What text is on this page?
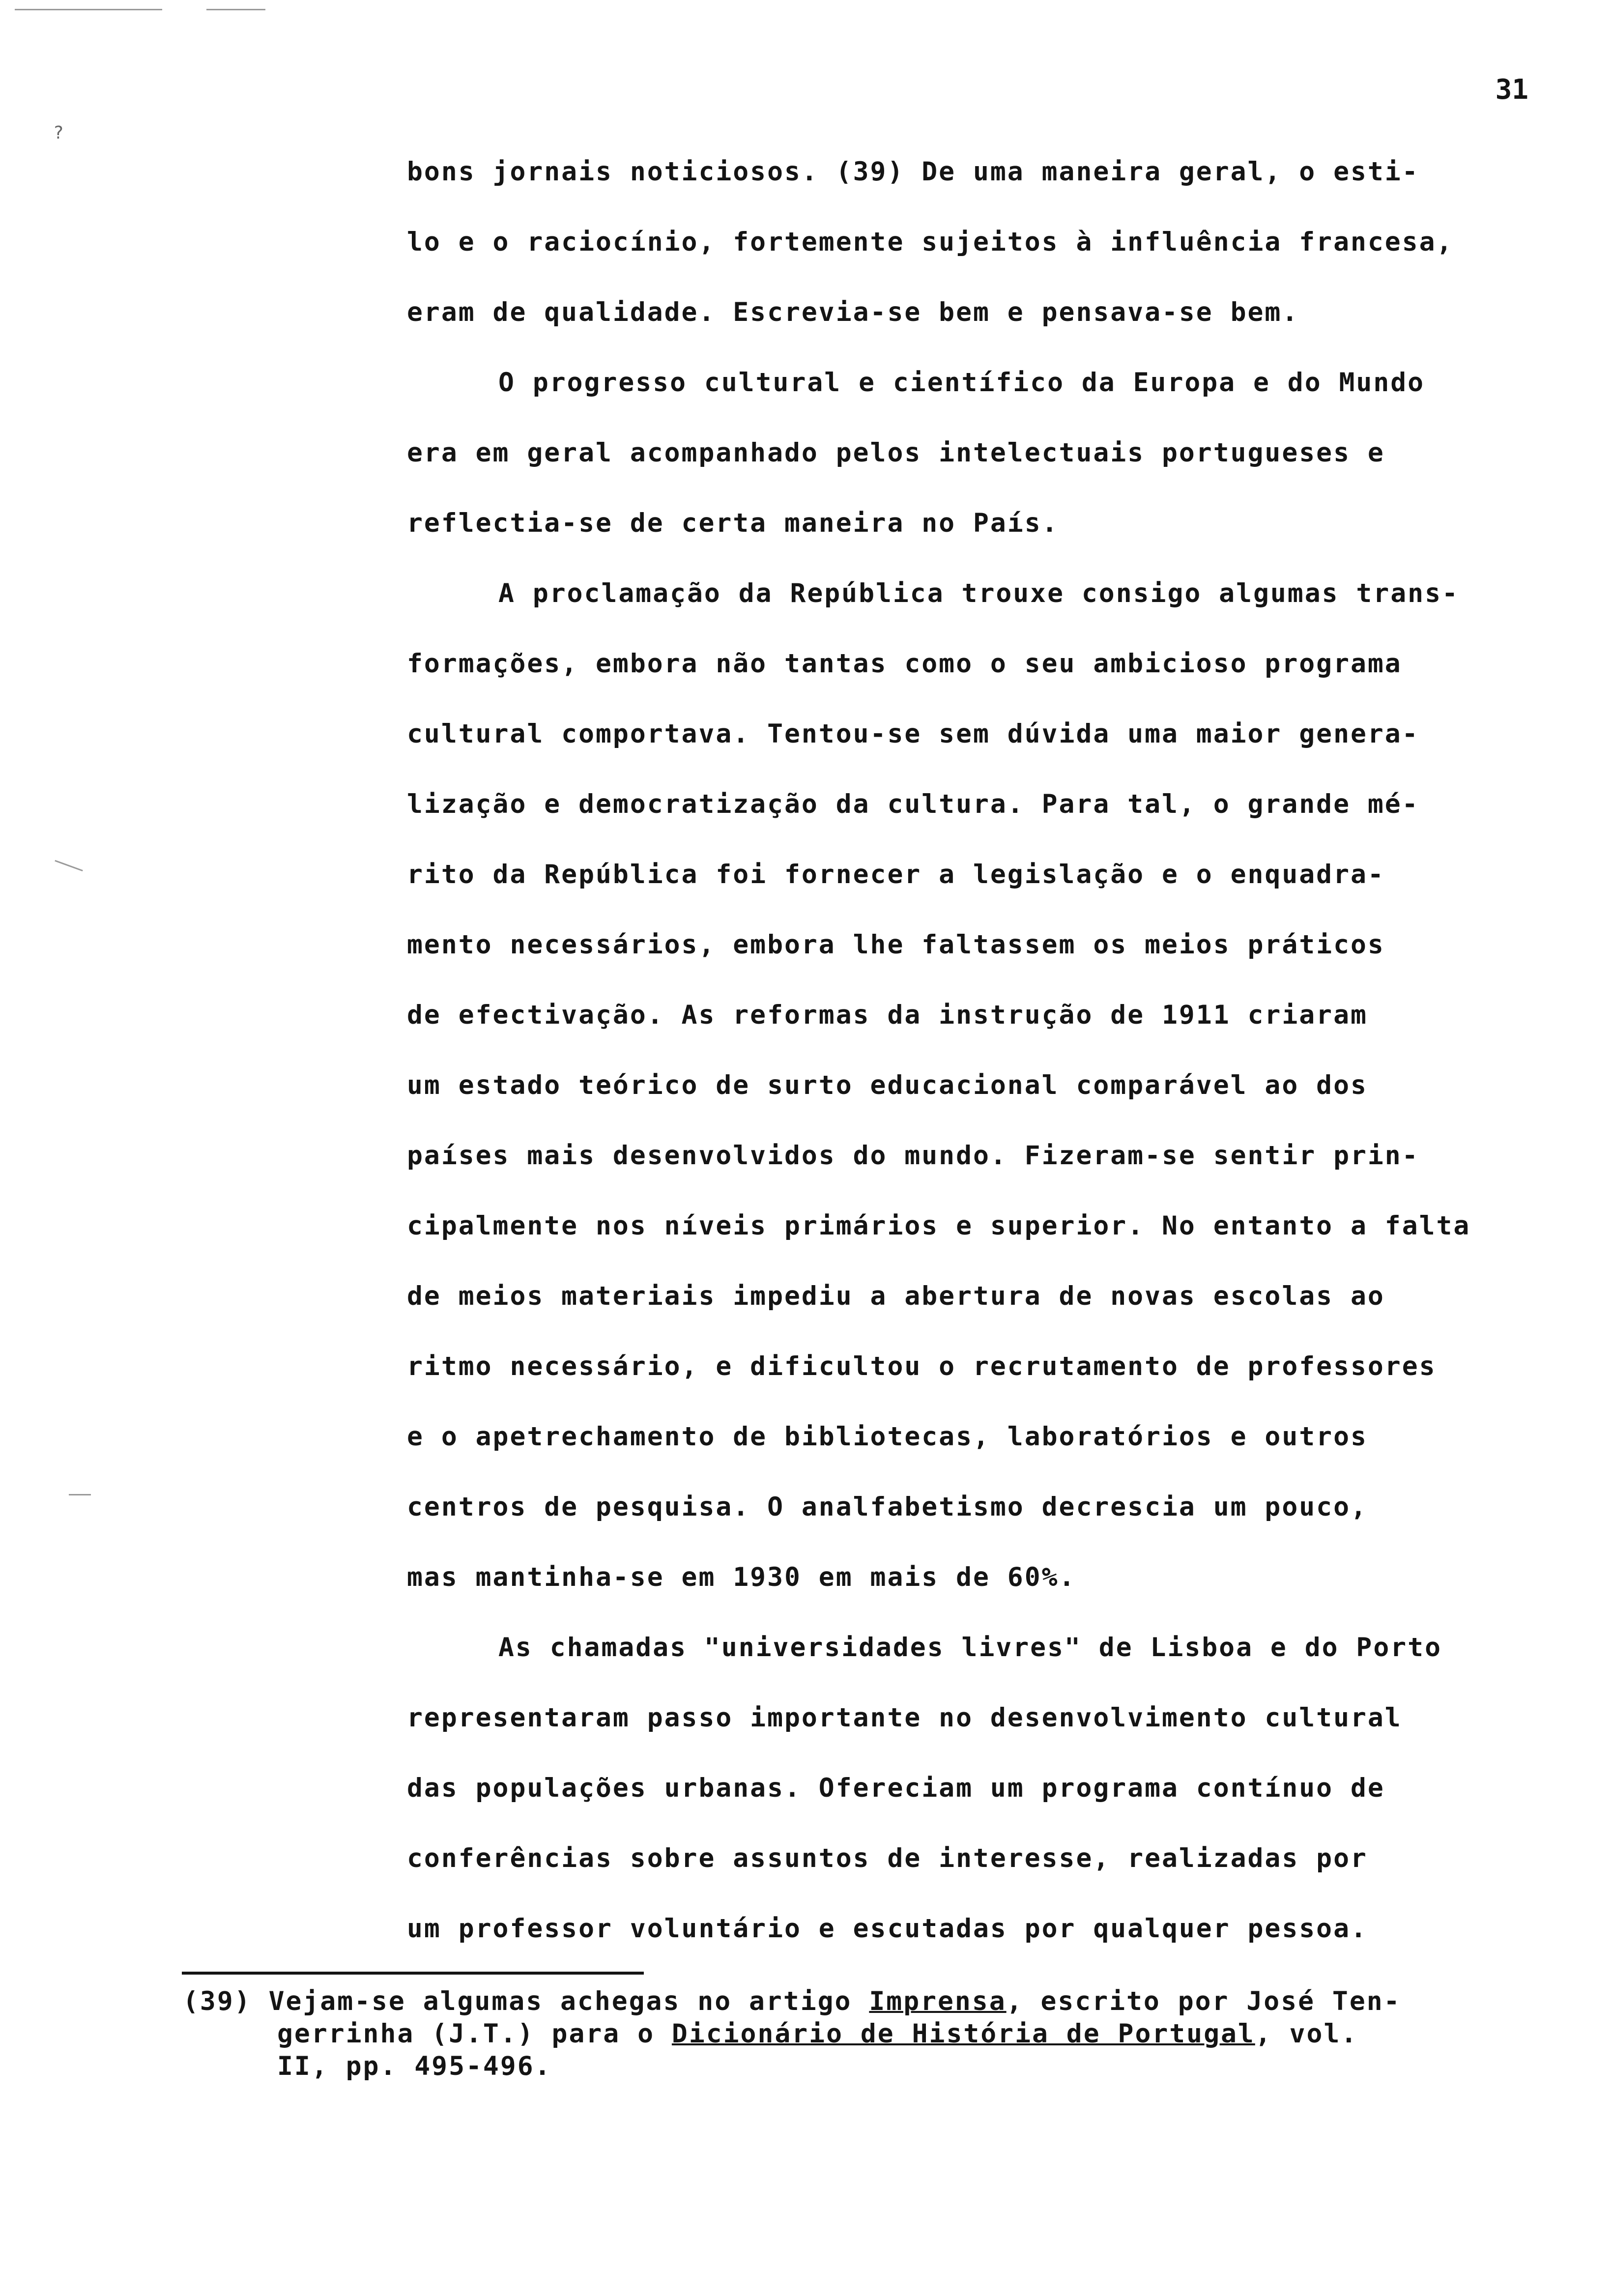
?
31
bons jornais noticiosos. (39) De uma maneira geral, o esti-
lo e o raciocínio, fortemente sujeitos à influência francesa,
eram de qualidade. Escrevia-se bem e pensava-se bem.
O progresso cultural e científico da Europa e do Mundo
era em geral acompanhado pelos intelectuais portugueses e
reflectia-se de certa maneira no País.
A proclamação da República trouxe consigo algumas trans-
formações, embora não tantas como o seu ambicioso programa
cultural comportava. Tentou-se sem dúvida uma maior genera-
lização e democratização da cultura. Para tal, o grande mé-
rito da República foi fornecer a legislação e o enquadra-
mento necessários, embora lhe faltassem os meios práticos
de efectivação. As reformas da instrução de 1911 criaram
um estado teórico de surto educacional comparável ao dos
países mais desenvolvidos do mundo. Fizeram-se sentir prin-
cipalmente nos níveis primários e superior. No entanto a falta
de meios materiais impediu a abertura de novas escolas ao
ritmo necessário, e dificultou o recrutamento de professores
e o apetrechamento de bibliotecas, laboratórios e outros
centros de pesquisa. O analfabetismo decrescia um pouco,
mas mantinha-se em 1930 em mais de 60%.
As chamadas "universidades livres" de Lisboa e do Porto
representaram passo importante no desenvolvimento cultural
das populações urbanas. Ofereciam um programa contínuo de
conferências sobre assuntos de interesse, realizadas por
um professor voluntário e escutadas por qualquer pessoa.
(39) Vejam-se algumas achegas no artigo Imprensa, escrito por José Ten-
gerrinha (J.T.) para o Dicionário de História de Portugal, vol.
II, pp. 495-496.
